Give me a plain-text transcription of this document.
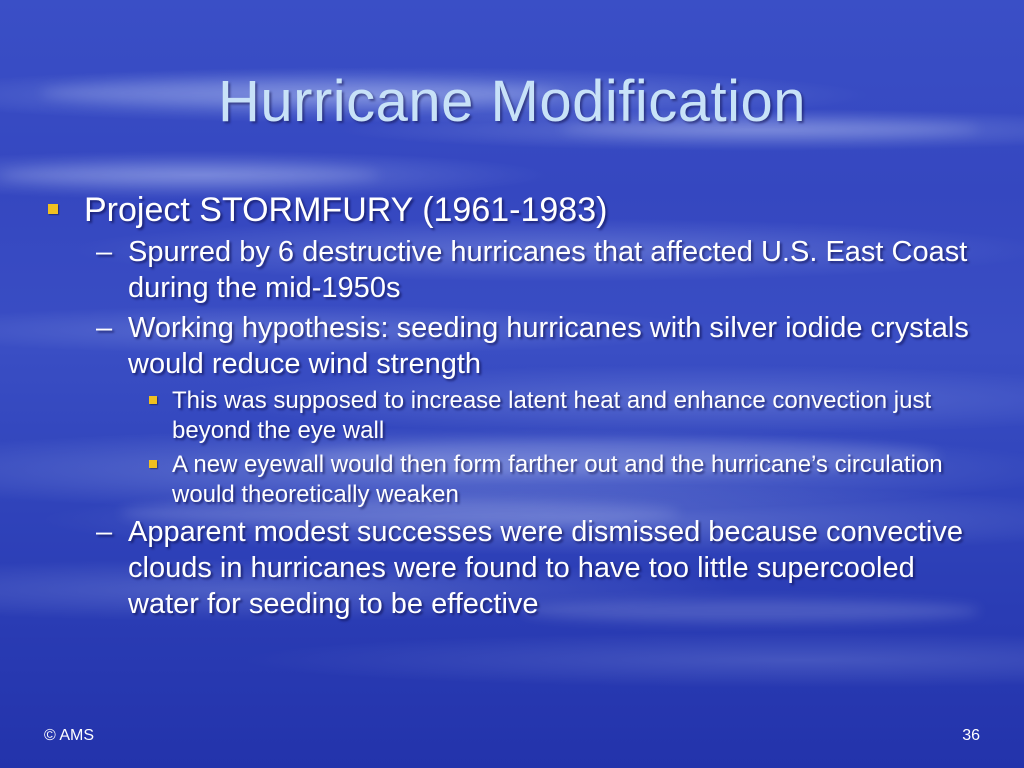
Hurricane Modification
Project STORMFURY (1961-1983)
– Spurred by 6 destructive hurricanes that affected U.S. East Coast during the mid-1950s
– Working hypothesis: seeding hurricanes with silver iodide crystals would reduce wind strength
This was supposed to increase latent heat and enhance convection just beyond the eye wall
A new eyewall would then form farther out and the hurricane’s circulation would theoretically weaken
– Apparent modest successes were dismissed because convective clouds in hurricanes were found to have too little supercooled water for seeding to be effective
© AMS	36
